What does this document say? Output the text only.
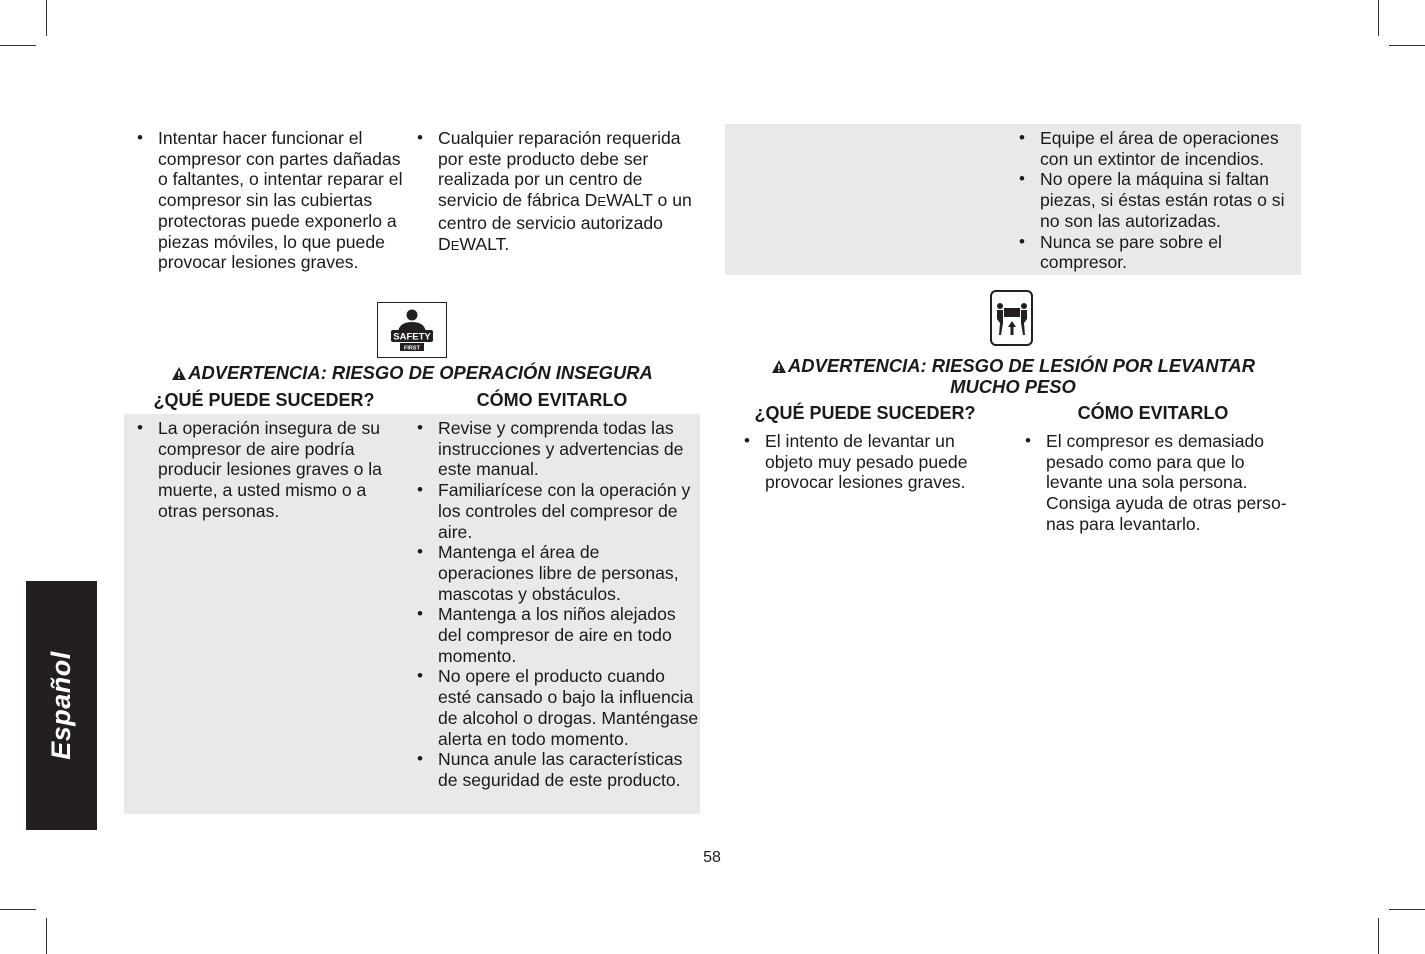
Español
• Intentar hacer funcionar el compresor con partes dañadas o faltantes, o intentar reparar el compresor sin las cubiertas protectoras puede exponerlo a piezas móviles, lo que puede provocar lesiones graves.
• Cualquier reparación requerida por este producto debe ser realizada por un centro de servicio de fábrica DEWALT o un centro de servicio autorizado DEWALT.
SAFETY
FIRST
ADVERTENCIA: RIESGO DE OPERACIÓN INSEGURA
¿QUÉ PUEDE SUCEDER?	CÓMO EVITARLO
• La operación insegura de su compresor de aire podría producir lesiones graves o la muerte, a usted mismo o a otras personas.
• Revise y comprenda todas las instrucciones y advertencias de este manual.
• Familiarícese con la operación y los controles del compresor de aire.
• Mantenga el área de operaciones libre de personas, mascotas y obstáculos.
• Mantenga a los niños alejados del compresor de aire en todo momento.
• No opere el producto cuando esté cansado o bajo la influencia de alcohol o drogas. Manténgase alerta en todo momento.
• Nunca anule las características de seguridad de este producto.
• Equipe el área de operaciones con un extintor de incendios.
• No opere la máquina si faltan piezas, si éstas están rotas o si no son las autorizadas.
• Nunca se pare sobre el compresor.
ADVERTENCIA: RIESGO DE LESIÓN POR LEVANTAR
MUCHO PESO
¿QUÉ PUEDE SUCEDER?	CÓMO EVITARLO
• El intento de levantar un objeto muy pesado puede provocar lesiones graves.
• El compresor es demasiado pesado como para que lo levante una sola persona. Consiga ayuda de otras perso-nas para levantarlo.
58
